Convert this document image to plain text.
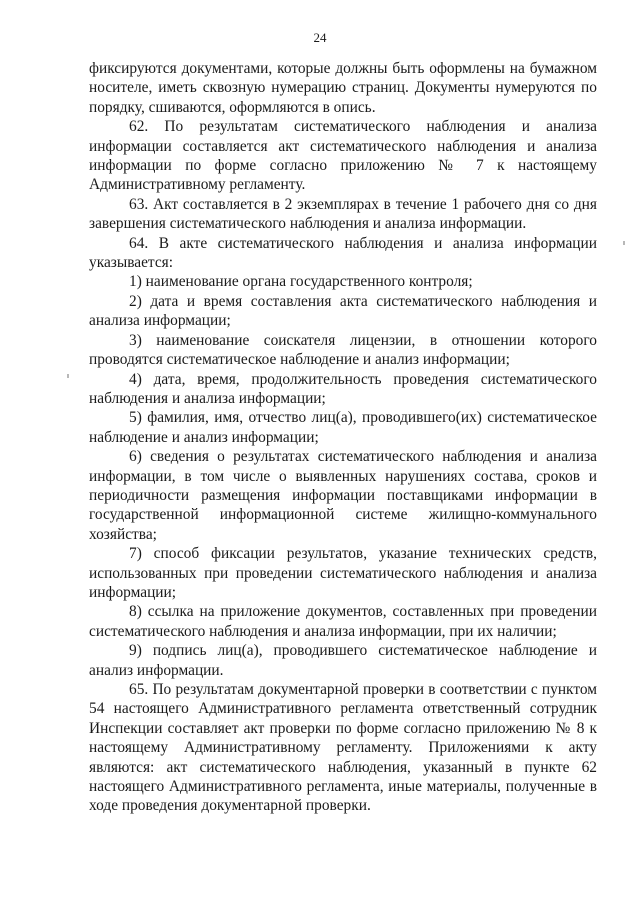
24

фиксируются документами, которые должны быть оформлены на бумажном носителе, иметь сквозную нумерацию страниц. Документы нумеруются по порядку, сшиваются, оформляются в опись.

62. По результатам систематического наблюдения и анализа информации составляется акт систематического наблюдения и анализа информации по форме согласно приложению № 7 к настоящему Административному регламенту.

63. Акт составляется в 2 экземплярах в течение 1 рабочего дня со дня завершения систематического наблюдения и анализа информации.

64. В акте систематического наблюдения и анализа информации указывается:

1) наименование органа государственного контроля;

2) дата и время составления акта систематического наблюдения и анализа информации;

3) наименование соискателя лицензии, в отношении которого проводятся систематическое наблюдение и анализ информации;

4) дата, время, продолжительность проведения систематического наблюдения и анализа информации;

5) фамилия, имя, отчество лиц(а), проводившего(их) систематическое наблюдение и анализ информации;

6) сведения о результатах систематического наблюдения и анализа информации, в том числе о выявленных нарушениях состава, сроков и периодичности размещения информации поставщиками информации в государственной информационной системе жилищно-коммунального хозяйства;

7) способ фиксации результатов, указание технических средств, использованных при проведении систематического наблюдения и анализа информации;

8) ссылка на приложение документов, составленных при проведении систематического наблюдения и анализа информации, при их наличии;

9) подпись лиц(а), проводившего систематическое наблюдение и анализ информации.

65. По результатам документарной проверки в соответствии с пунктом 54 настоящего Административного регламента ответственный сотрудник Инспекции составляет акт проверки по форме согласно приложению № 8 к настоящему Административному регламенту. Приложениями к акту являются: акт систематического наблюдения, указанный в пункте 62 настоящего Административного регламента, иные материалы, полученные в ходе проведения документарной проверки.
